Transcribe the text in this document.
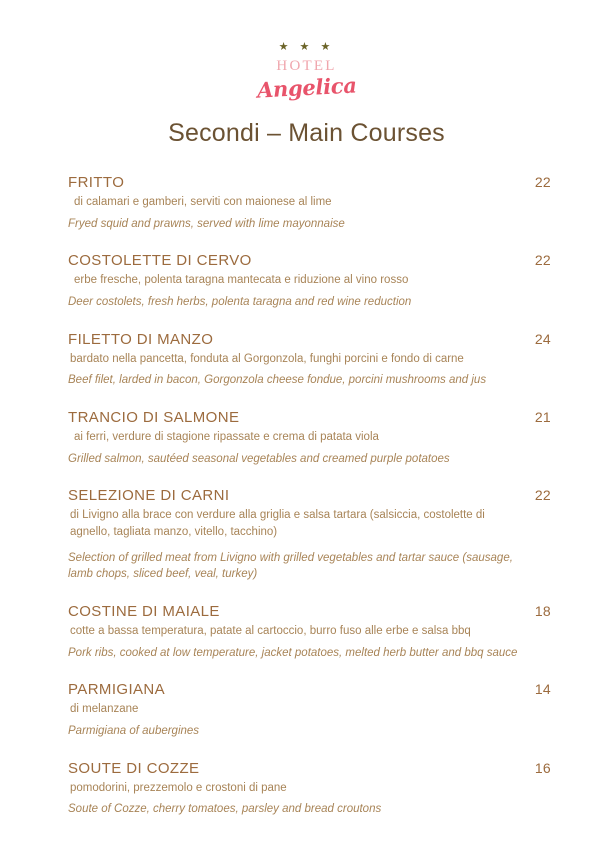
★ ★ ★
HOTEL
Angelica
Secondi – Main Courses
FRITTO	22
di calamari e gamberi, serviti con maionese al lime
Fryed squid and prawns, served with lime mayonnaise
COSTOLETTE DI CERVO	22
erbe fresche, polenta taragna mantecata e riduzione al vino rosso
Deer costolets, fresh herbs, polenta taragna and red wine reduction
FILETTO DI MANZO	24
bardato nella pancetta, fonduta al Gorgonzola, funghi porcini e fondo di carne
Beef filet, larded in bacon, Gorgonzola cheese fondue, porcini mushrooms and jus
TRANCIO DI SALMONE	21
ai ferri, verdure di stagione ripassate e crema di patata viola
Grilled salmon, sautéed seasonal vegetables and creamed purple potatoes
SELEZIONE DI CARNI	22
di Livigno alla brace con verdure alla griglia e salsa tartara (salsiccia, costolette di agnello, tagliata manzo, vitello, tacchino)
Selection of grilled meat from Livigno with grilled vegetables and tartar sauce (sausage, lamb chops, sliced beef, veal, turkey)
COSTINE DI MAIALE	18
cotte a bassa temperatura, patate al cartoccio, burro fuso alle erbe e salsa bbq
Pork ribs, cooked at low temperature, jacket potatoes, melted herb butter and bbq sauce
PARMIGIANA	14
di melanzane
Parmigiana of aubergines
SOUTE DI COZZE	16
pomodorini, prezzemolo e crostoni di pane
Soute of Cozze, cherry tomatoes, parsley and bread croutons
